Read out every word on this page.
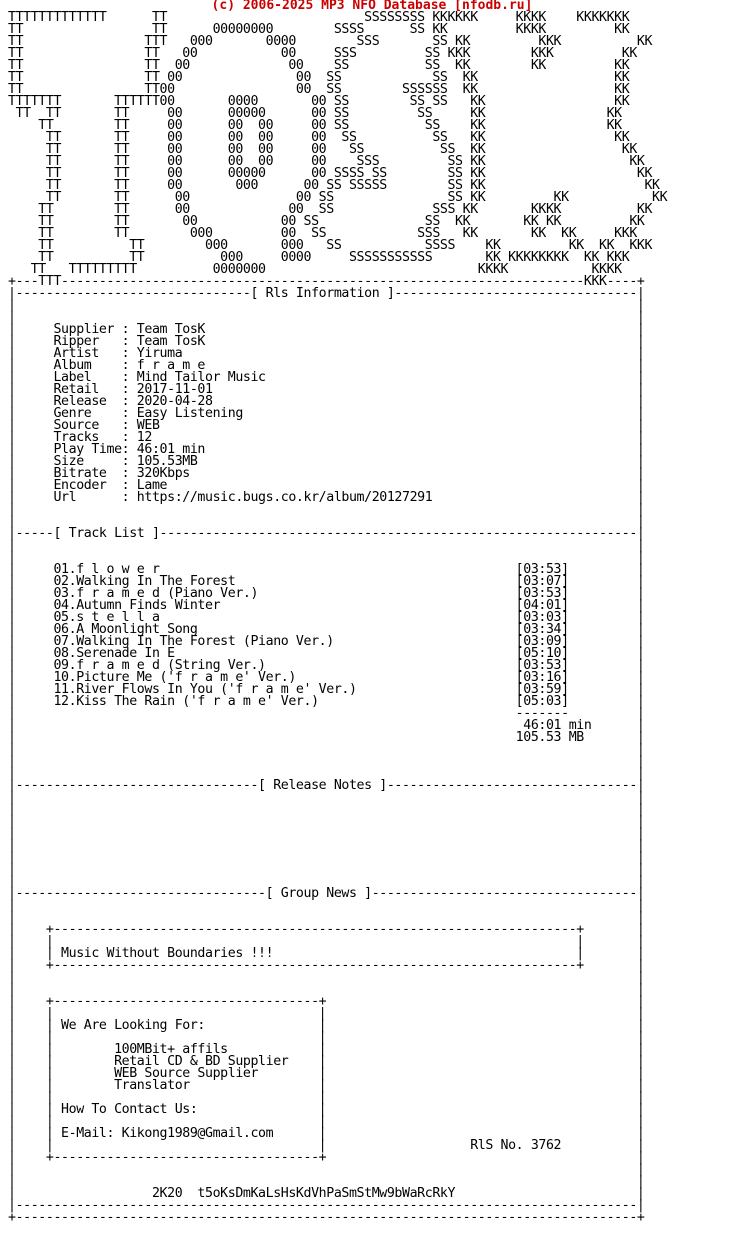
(c) 2006-2025 MP3 NFO Database [nfodb.ru]
TTTTTTTTTTTTT      TT                          SSSSSSSS KKKKKK     KKKK    KKKKKKK
TT                 TT      00000000        SSSS      SS KK         KKKK         KK
TT                TTT   000       0000        SSS       SS KK         KKK          KK
TT                TT   00           00     SSS         SS KKK        KKK         KK
TT                TT  00             00    SS          SS  KK        KK         KK
TT                TT 00               00  SS            SS  KK                  KK
TT                TT00                00  SS        SSSSSS  KK                  KK
TTTTTTT       TTTTTT00       0000       00 SS        SS SS   KK                 KK
TT  TT       TT     00      00000      00 SS         SS     KK                KK
TT        TT     00      00  00     00 SS          SS    KK                KK
TT       TT     00      00  00     00  SS          SS   KK                 KK
TT       TT     00      00  00     00   SS          SS  KK                  KK
TT       TT     00      00  00     00    SSS         SS KK                   KK
TT       TT     00      00000      00 SSSS SS        SS KK                    KK
TT       TT     00       000      00 SS SSSSS        SS KK                     KK
TT       TT      00              00 SS               SS KK         KK           KK
TT        TT      00             00  SS             SSS KK       KKKK          KK
TT        TT       00           00 SS              SS  KK       KK KK         KK
TT        TT        000         00  SS            SSS   KK       KK  KK     KKK
TT          TT        000       000   SS           SSSS    KK         KK  KK  KKK
TT          TT          000     0000     SSSSSSSSSSS       KK KKKKKKKK  KK KKK
TT   TTTTTTTTT          0000000                            KKKK           KKKK
+---TTT---------------------------------------------------------------------KKK----+
|-------------------------------[ Rls Information ]--------------------------------|
|                                                                                  |
|                                                                                  |
|     Supplier : Team TosK                                                         |
|     Ripper   : Team TosK                                                         |
|     Artist   : Yiruma                                                            |
|     Album    : f r a m e                                                         |
|     Label    : Mind Tailor Music                                                 |
|     Retail   : 2017-11-01                                                        |
|     Release  : 2020-04-28                                                        |
|     Genre    : Easy Listening                                                    |
|     Source   : WEB                                                               |
|     Tracks   : 12                                                                |
|     Play Time: 46:01 min                                                         |
|     Size     : 105.53MB                                                          |
|     Bitrate  : 320Kbps                                                           |
|     Encoder  : Lame                                                              |
|     Url      : https://music.bugs.co.kr/album/20127291                           |
|                                                                                  |
|                                                                                  |
|-----[ Track List ]---------------------------------------------------------------|
|                                                                                  |
|                                                                                  |
|     01.f l o w e r                                               [03:53]         |
|     02.Walking In The Forest                                     [03:07]         |
|     03.f r a m e d (Piano Ver.)                                  [03:53]         |
|     04.Autumn Finds Winter                                       [04:01]         |
|     05.s t e l l a                                               [03:03]         |
|     06.A Moonlight Song                                          [03:34]         |
|     07.Walking In The Forest (Piano Ver.)                        [03:09]         |
|     08.Serenade In E                                             [05:10]         |
|     09.f r a m e d (String Ver.)                                 [03:53]         |
|     10.Picture Me ('f r a m e' Ver.)                             [03:16]         |
|     11.River Flows In You ('f r a m e' Ver.)                     [03:59]         |
|     12.Kiss The Rain ('f r a m e' Ver.)                          [05:03]         |
|                                                                  -------         |
|                                                                   46:01 min      |
|                                                                  105.53 MB       |
|                                                                                  |
|                                                                                  |
|                                                                                  |
|--------------------------------[ Release Notes ]---------------------------------|
|                                                                                  |
|                                                                                  |
|                                                                                  |
|                                                                                  |
|                                                                                  |
|                                                                                  |
|                                                                                  |
|                                                                                  |
|---------------------------------[ Group News ]-----------------------------------|
|                                                                                  |
|                                                                                  |
|    +---------------------------------------------------------------------+       |
|    |                                                                     |       |
|    | Music Without Boundaries !!!                                        |       |
|    +---------------------------------------------------------------------+       |
|                                                                                  |
|                                                                                  |
|    +-----------------------------------+                                         |
|    |                                   |                                         |
|    | We Are Looking For:               |                                         |
|    |                                   |                                         |
|    |        100MBit+ affils            |                                         |
|    |        Retail CD & BD Supplier    |                                         |
|    |        WEB Source Supplier        |                                         |
|    |        Translator                 |                                         |
|    |                                   |                                         |
|    | How To Contact Us:                |                                         |
|    |                                   |                                         |
|    | E-Mail: Kikong1989@Gmail.com      |                                         |
|    |                                   |                   RlS No. 3762          |
|    +-----------------------------------+                                         |
|                                                                                  |
|                                                                                  |
|                  2K20  t5oKsDmKaLsHsKdVhPaSmStMw9bWaRcRkY                        |
|----------------------------------------------------------------------------------|
+----------------------------------------------------------------------------------+
